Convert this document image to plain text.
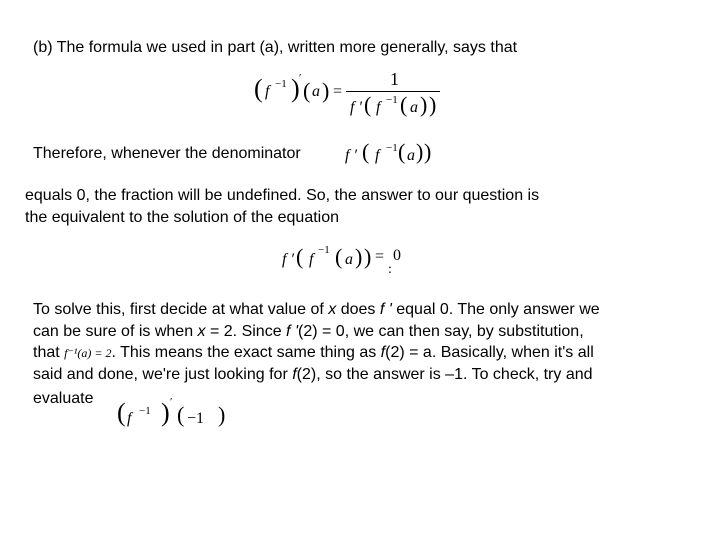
(b) The formula we used in part (a), written more generally, says that
( f −1 ) ′ ( a ) =
1
f ′ ( f −1 ( a ) )
Therefore, whenever the denominator	f ′ ( f −1 ( a ) )
equals 0, the fraction will be undefined. So, the answer to our question is
the equivalent to the solution of the equation
f ′ ( f
−1 ( a ) ) = 0
:
To solve this, first decide at what value of x does f ' equal 0. The only answer we
can be sure of is when x = 2. Since f '(2) = 0, we can then say, by substitution,
that f⁻¹(a) = 2. This means the exact same thing as f(2) = a. Basically, when it's all
said and done, we're just looking for f(2), so the answer is –1. To check, try and
evaluate ( f −1 ) ′ ( −1 )
